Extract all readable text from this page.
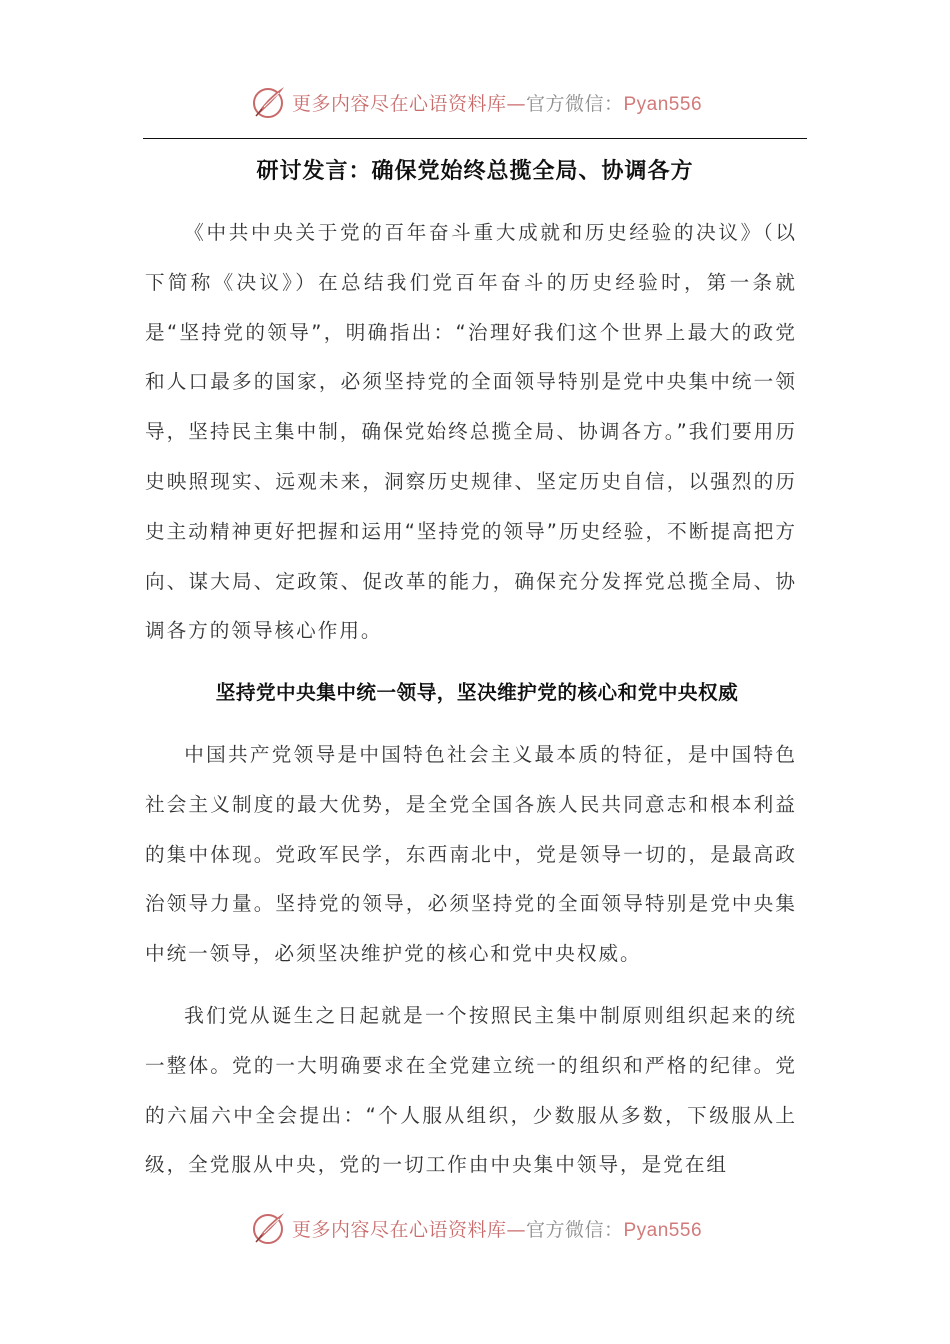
更多内容尽在心语资料库—官方微信：Pyan556
研讨发言：确保党始终总揽全局、协调各方

《中共中央关于党的百年奋斗重大成就和历史经验的决议》（以下简称《决议》）在总结我们党百年奋斗的历史经验时，第一条就是“坚持党的领导”，明确指出：“治理好我们这个世界上最大的政党和人口最多的国家，必须坚持党的全面领导特别是党中央集中统一领导，坚持民主集中制，确保党始终总揽全局、协调各方。”我们要用历史映照现实、远观未来，洞察历史规律、坚定历史自信，以强烈的历史主动精神更好把握和运用“坚持党的领导”历史经验，不断提高把方向、谋大局、定政策、促改革的能力，确保充分发挥党总揽全局、协调各方的领导核心作用。

坚持党中央集中统一领导，坚决维护党的核心和党中央权威

中国共产党领导是中国特色社会主义最本质的特征，是中国特色社会主义制度的最大优势，是全党全国各族人民共同意志和根本利益的集中体现。党政军民学，东西南北中，党是领导一切的，是最高政治领导力量。坚持党的领导，必须坚持党的全面领导特别是党中央集中统一领导，必须坚决维护党的核心和党中央权威。

我们党从诞生之日起就是一个按照民主集中制原则组织起来的统一整体。党的一大明确要求在全党建立统一的组织和严格的纪律。党的六届六中全会提出：“个人服从组织，少数服从多数，下级服从上级，全党服从中央，党的一切工作由中央集中领导，是党在组

更多内容尽在心语资料库—官方微信：Pyan556
